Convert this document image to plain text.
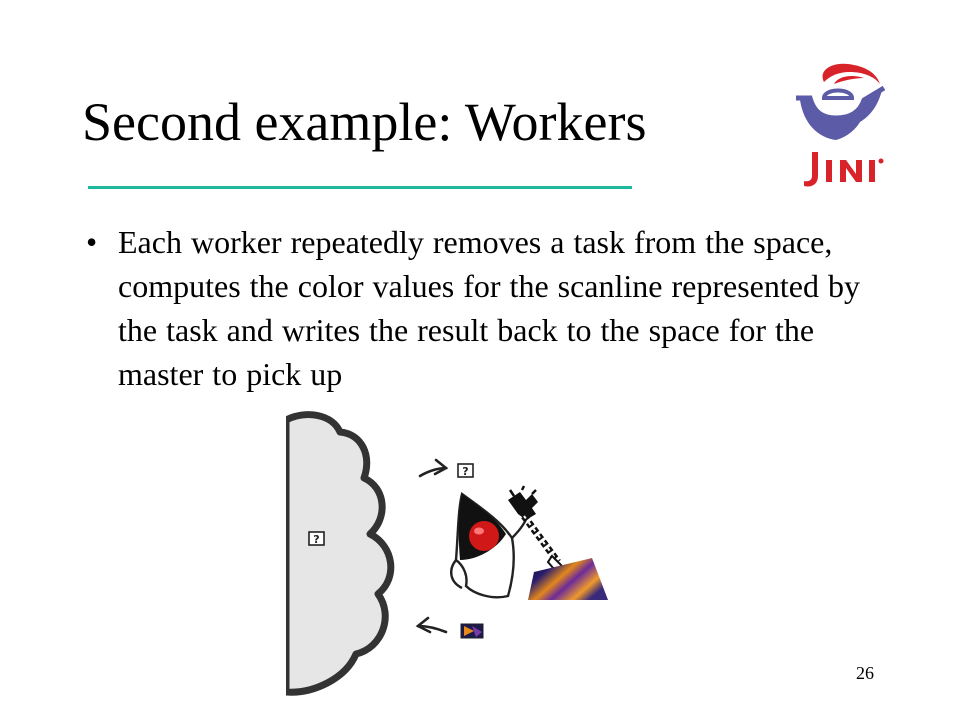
Second example: Workers
• Each worker repeatedly removes a task from the space, computes the color values for the scanline represented by the task and writes the result back to the space for the master to pick up

?
?
26
